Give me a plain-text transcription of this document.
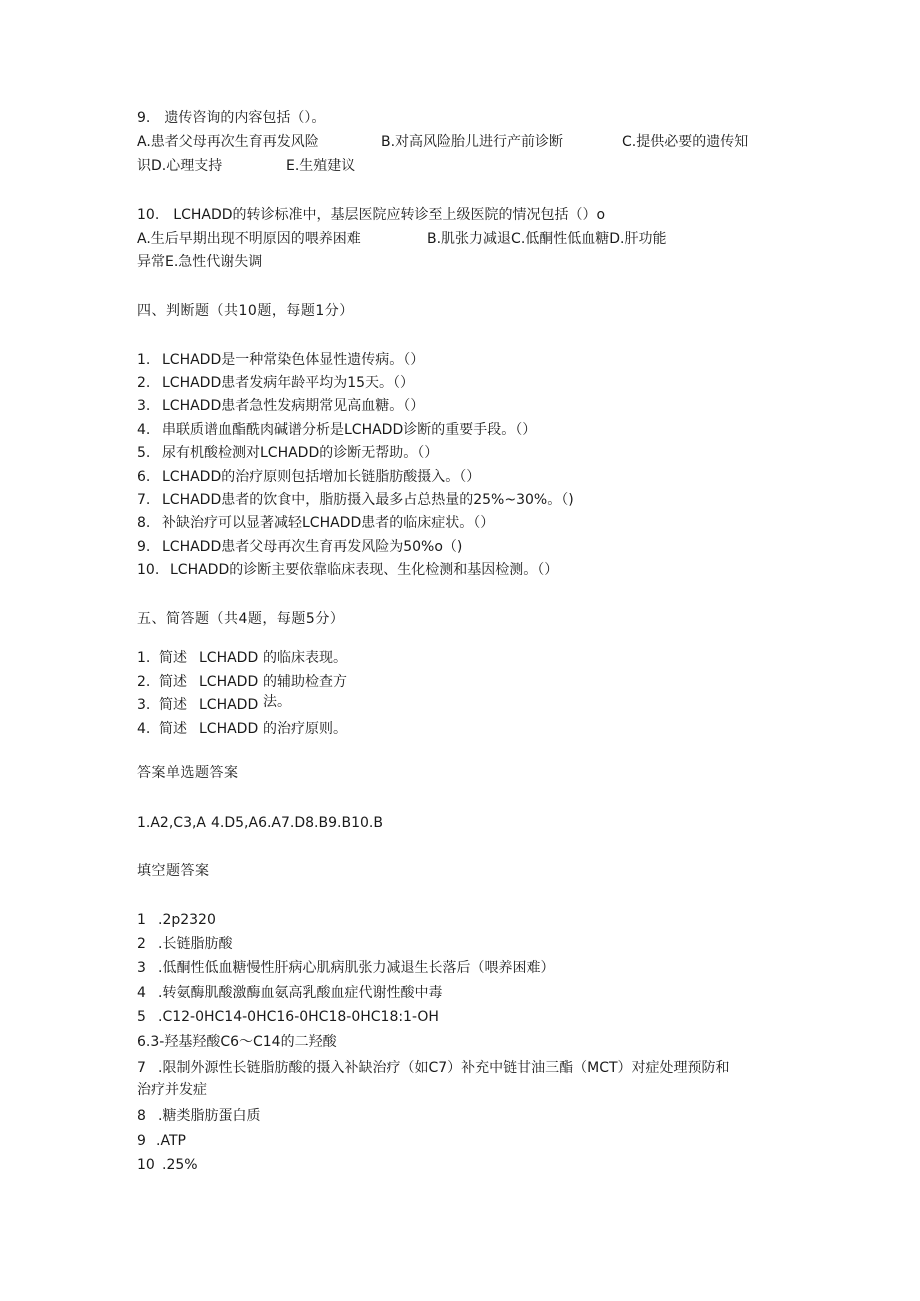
9. 遗传咨询的内容包括（）。
A.患者父母再次生育再发风险	B.对高风险胎儿进行产前诊断	C.提供必要的遗传知
识D.心理支持	E.生殖建议
10. LCHADD的转诊标准中，基层医院应转诊至上级医院的情况包括（）o
A.生后早期出现不明原因的喂养困难	B.肌张力减退C.低酮性低血糖D.肝功能
异常E.急性代谢失调
四、判断题（共10题，每题1分）
1. LCHADD是一种常染色体显性遗传病。（）
2. LCHADD患者发病年龄平均为15天。（）
3. LCHADD患者急性发病期常见高血糖。（）
4. 串联质谱血酯酰肉碱谱分析是LCHADD诊断的重要手段。（）
5. 尿有机酸检测对LCHADD的诊断无帮助。（）
6. LCHADD的治疗原则包括增加长链脂肪酸摄入。（）
7. LCHADD患者的饮食中，脂肪摄入最多占总热量的25%~30%。（)
8. 补缺治疗可以显著减轻LCHADD患者的临床症状。（）
9. LCHADD患者父母再次生育再发风险为50%o（)
10. LCHADD的诊断主要依靠临床表现、生化检测和基因检测。（）
五、简答题（共4题，每题5分）
1. 简述 LCHADD 的临床表现。
2. 简述 LCHADD 的辅助检查方
3. 简述 LCHADD 法。
4. 简述 LCHADD 的治疗原则。
答案单选题答案
1.A2,C3,A 4.D5,A6.A7.D8.B9.B10.B
填空题答案
1 .2p2320
2 .长链脂肪酸
3 .低酮性低血糖慢性肝病心肌病肌张力减退生长落后（喂养困难）
4 .转氨酶肌酸激酶血氨高乳酸血症代谢性酸中毒
5 .C12-0HC14-0HC16-0HC18-0HC18:1-OH
6.3-羟基羟酸C6～C14的二羟酸
7 .限制外源性长链脂肪酸的摄入补缺治疗（如C7）补充中链甘油三酯（MCT）对症处理预防和
治疗并发症
8 .糖类脂肪蛋白质
9 .ATP
10 .25%
